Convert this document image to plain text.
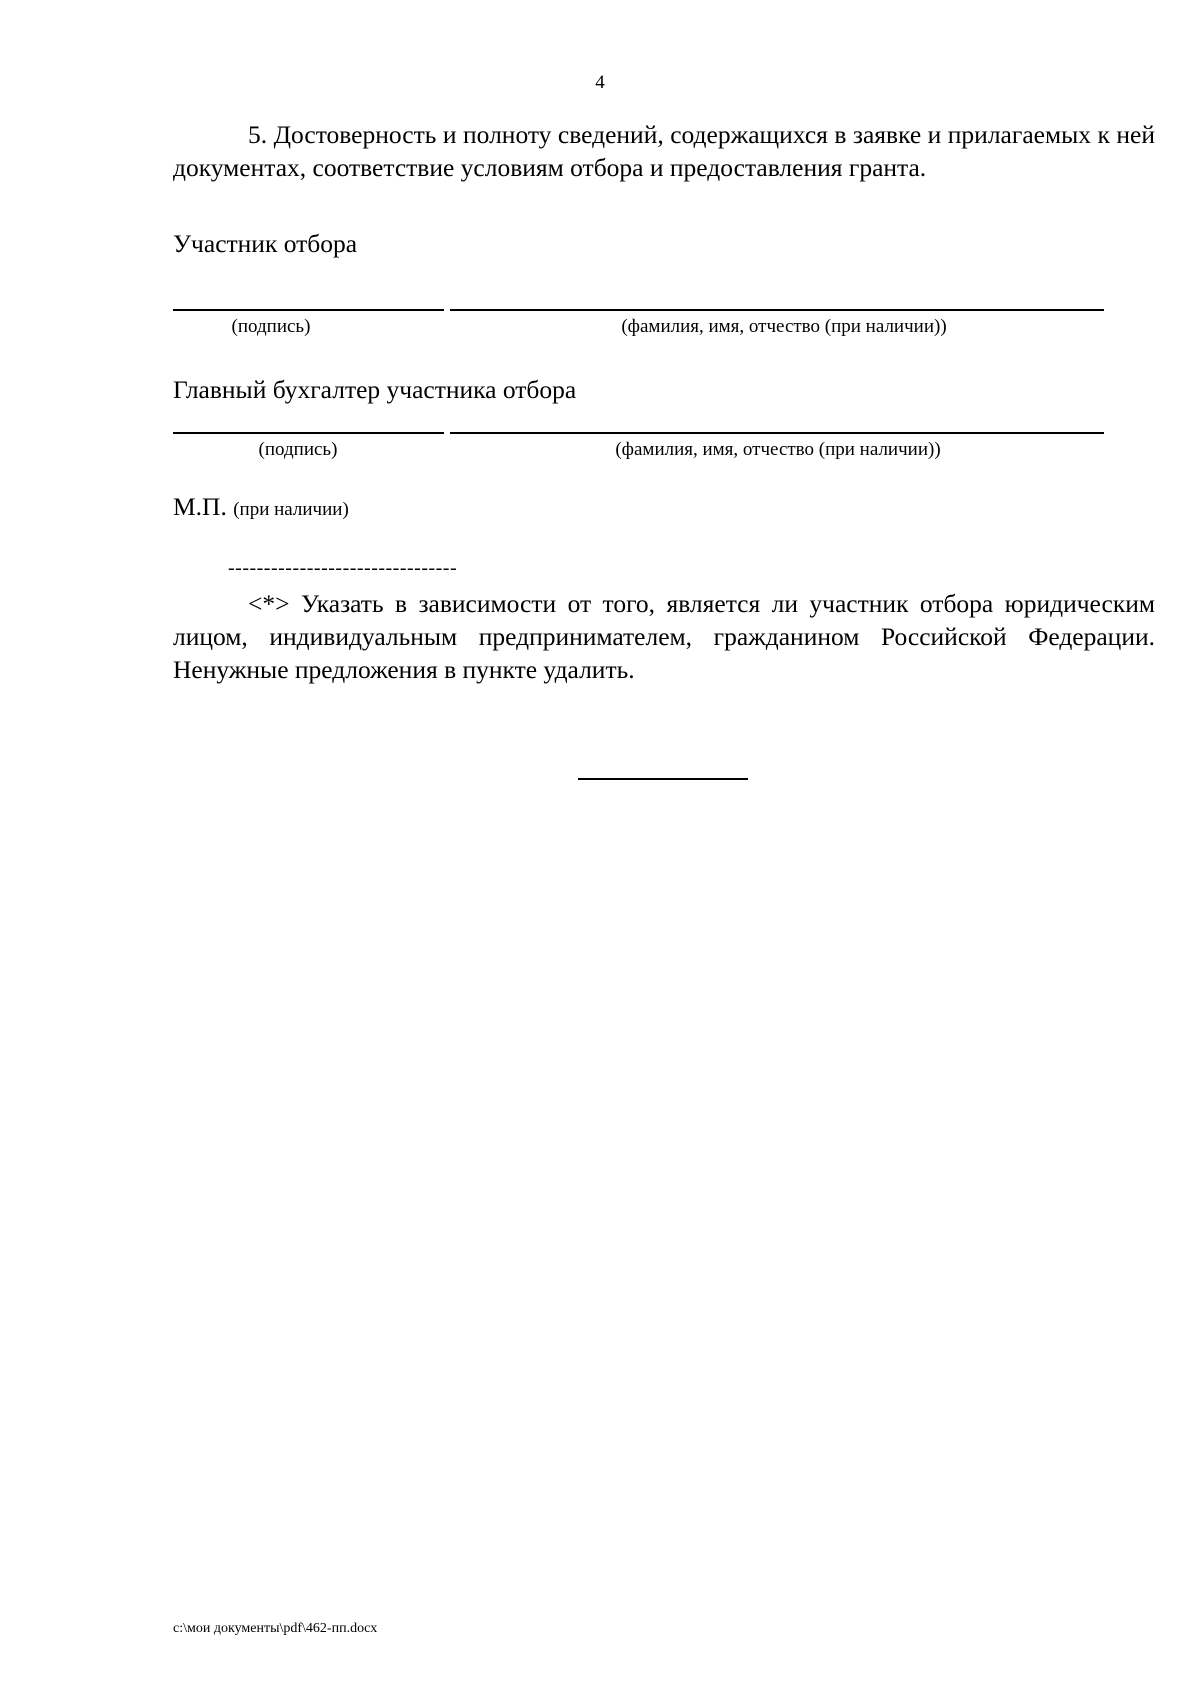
4

5. Достоверность и полноту сведений, содержащихся в заявке и прилагаемых к ней документах, соответствие условиям отбора и предоставления гранта.

Участник отбора
(подпись)	(фамилия, имя, отчество (при наличии))
Главный бухгалтер участника отбора
(подпись)	(фамилия, имя, отчество (при наличии))
М.П. (при наличии)
--------------------------------

<*> Указать в зависимости от того, является ли участник отбора юридическим лицом, индивидуальным предпринимателем, гражданином Российской Федерации. Ненужные предложения в пункте удалить.

c:\мои документы\pdf\462-пп.docx
